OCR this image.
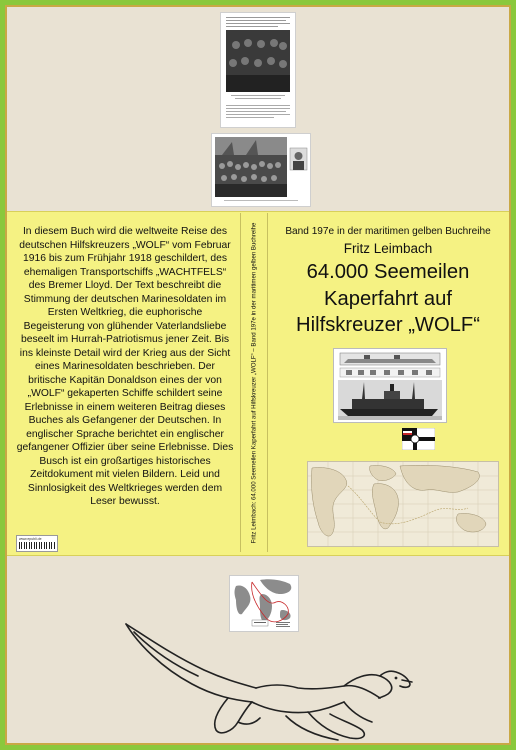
In diesem Buch wird die weltweite Reise des deutschen Hilfskreuzers „WOLF“ vom Februar 1916 bis zum Frühjahr 1918 geschildert, des ehemaligen Transportschiffs „WACHTFELS“ des Bremer Lloyd. Der Text beschreibt die Stimmung der deutschen Marinesoldaten im Ersten Weltkrieg, die euphorische Begeisterung von glühender Vaterlandsliebe beseelt im Hurrah-Patriotismus jener Zeit. Bis ins kleinste Detail wird der Krieg aus der Sicht eines Marinesoldaten beschrieben. Der britische Kapitän Donaldson eines der von „WOLF“ gekaperten Schiffe schildert seine Erlebnisse in einem weiteren Beitrag dieses Buches als Gefangener der Deutschen. In englischer Sprache berichtet ein englischer gefangener Offizier über seine Erlebnisse. Dies Busch ist ein großartiges historisches Zeitdokument mit vielen Bildern. Leid und Sinnlosigkeit des Weltkrieges werden dem Leser bewusst.
www.epubli.de	Fritz Leimbach: 64.000 Seemeilen Kaperfahrt auf Hilfskreuzer „WOLF“ – Band 197e in der maritimen gelben Buchreihe	Band 197e in der maritimen gelben Buchreihe
Fritz Leimbach
64.000 Seemeilen
Kaperfahrt auf
Hilfskreuzer „WOLF“
